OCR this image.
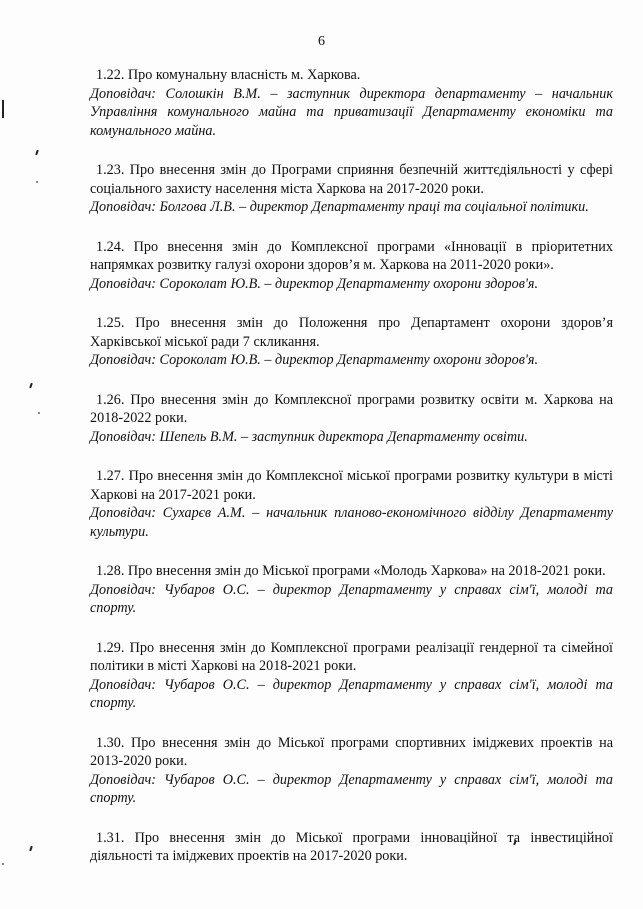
6
1.22. Про комунальну власність м. Харкова.
Доповідач: Солошкін В.М. – заступник директора департаменту – начальник Управління комунального майна та приватизації Департаменту економіки та комунального майна.
1.23. Про внесення змін до Програми сприяння безпечній життєдіяльності у сфері соціального захисту населення міста Харкова на 2017-2020 роки.
Доповідач: Болгова Л.В. – директор Департаменту праці та соціальної політики.
1.24. Про внесення змін до Комплексної програми «Інновації в пріоритетних напрямках розвитку галузі охорони здоров’я м. Харкова на 2011-2020 роки».
Доповідач: Сороколат Ю.В. – директор Департаменту охорони здоров'я.
1.25. Про внесення змін до Положення про Департамент охорони здоров’я Харківської міської ради 7 скликання.
Доповідач: Сороколат Ю.В. – директор Департаменту охорони здоров'я.
1.26. Про внесення змін до Комплексної програми розвитку освіти м. Харкова на 2018-2022 роки.
Доповідач: Шепель В.М. – заступник директора Департаменту освіти.
1.27. Про внесення змін до Комплексної міської програми розвитку культури в місті Харкові на 2017-2021 роки.
Доповідач: Сухарєв А.М. – начальник планово-економічного відділу Департаменту культури.
1.28. Про внесення змін до Міської програми «Молодь Харкова» на 2018-2021 роки.
Доповідач: Чубаров О.С. – директор Департаменту у справах сім'ї, молоді та спорту.
1.29. Про внесення змін до Комплексної програми реалізації гендерної та сімейної політики в місті Харкові на 2018-2021 роки.
Доповідач: Чубаров О.С. – директор Департаменту у справах сім'ї, молоді та спорту.
1.30. Про внесення змін до Міської програми спортивних іміджевих проектів на 2013-2020 роки.
Доповідач: Чубаров О.С. – директор Департаменту у справах сім'ї, молоді та спорту.
1.31. Про внесення змін до Міської програми інноваційної та інвестиційної діяльності та іміджевих проектів на 2017-2020 роки.
